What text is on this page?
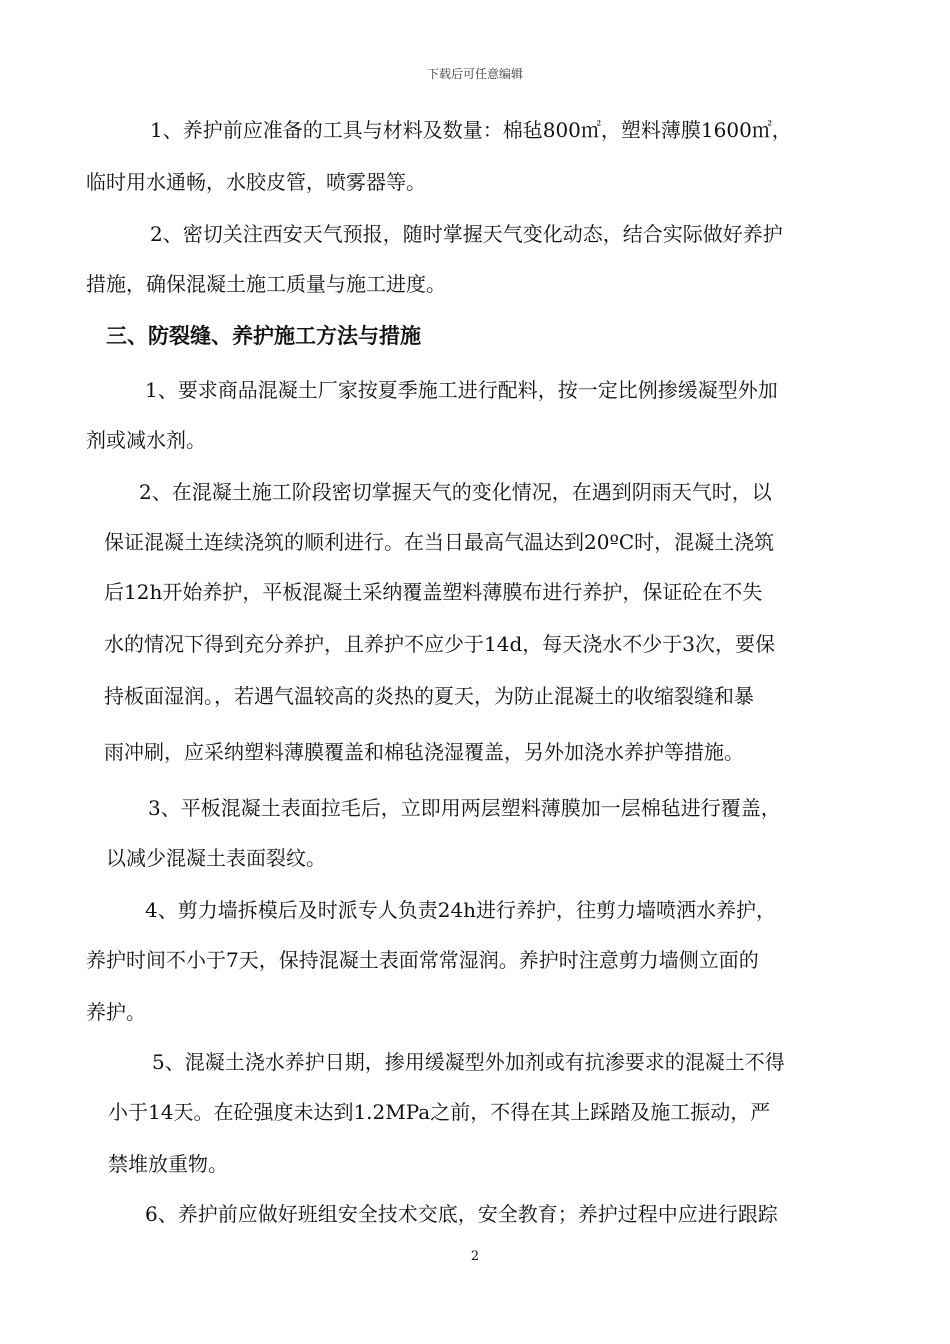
下载后可任意编辑
1、养护前应准备的工具与材料及数量：棉毡800㎡，塑料薄膜1600㎡，
临时用水通畅，水胶皮管，喷雾器等。
2、密切关注西安天气预报，随时掌握天气变化动态，结合实际做好养护
措施，确保混凝土施工质量与施工进度。
三、防裂缝、养护施工方法与措施
1、要求商品混凝土厂家按夏季施工进行配料，按一定比例掺缓凝型外加
剂或减水剂。
2、在混凝土施工阶段密切掌握天气的变化情况，在遇到阴雨天气时，以
保证混凝土连续浇筑的顺利进行。在当日最高气温达到20ºC时，混凝土浇筑
后12h开始养护，平板混凝土采纳覆盖塑料薄膜布进行养护，保证砼在不失
水的情况下得到充分养护，且养护不应少于14d，每天浇水不少于3次，要保
持板面湿润。，若遇气温较高的炎热的夏天，为防止混凝土的收缩裂缝和暴
雨冲刷，应采纳塑料薄膜覆盖和棉毡浇湿覆盖，另外加浇水养护等措施。
3、平板混凝土表面拉毛后，立即用两层塑料薄膜加一层棉毡进行覆盖，
以减少混凝土表面裂纹。
4、剪力墙拆模后及时派专人负责24h进行养护，往剪力墙喷洒水养护，
养护时间不小于7天，保持混凝土表面常常湿润。养护时注意剪力墙侧立面的
养护。
5、混凝土浇水养护日期，掺用缓凝型外加剂或有抗渗要求的混凝土不得
小于14天。在砼强度未达到1.2MPa之前，不得在其上踩踏及施工振动，严
禁堆放重物。
6、养护前应做好班组安全技术交底，安全教育；养护过程中应进行跟踪
2
